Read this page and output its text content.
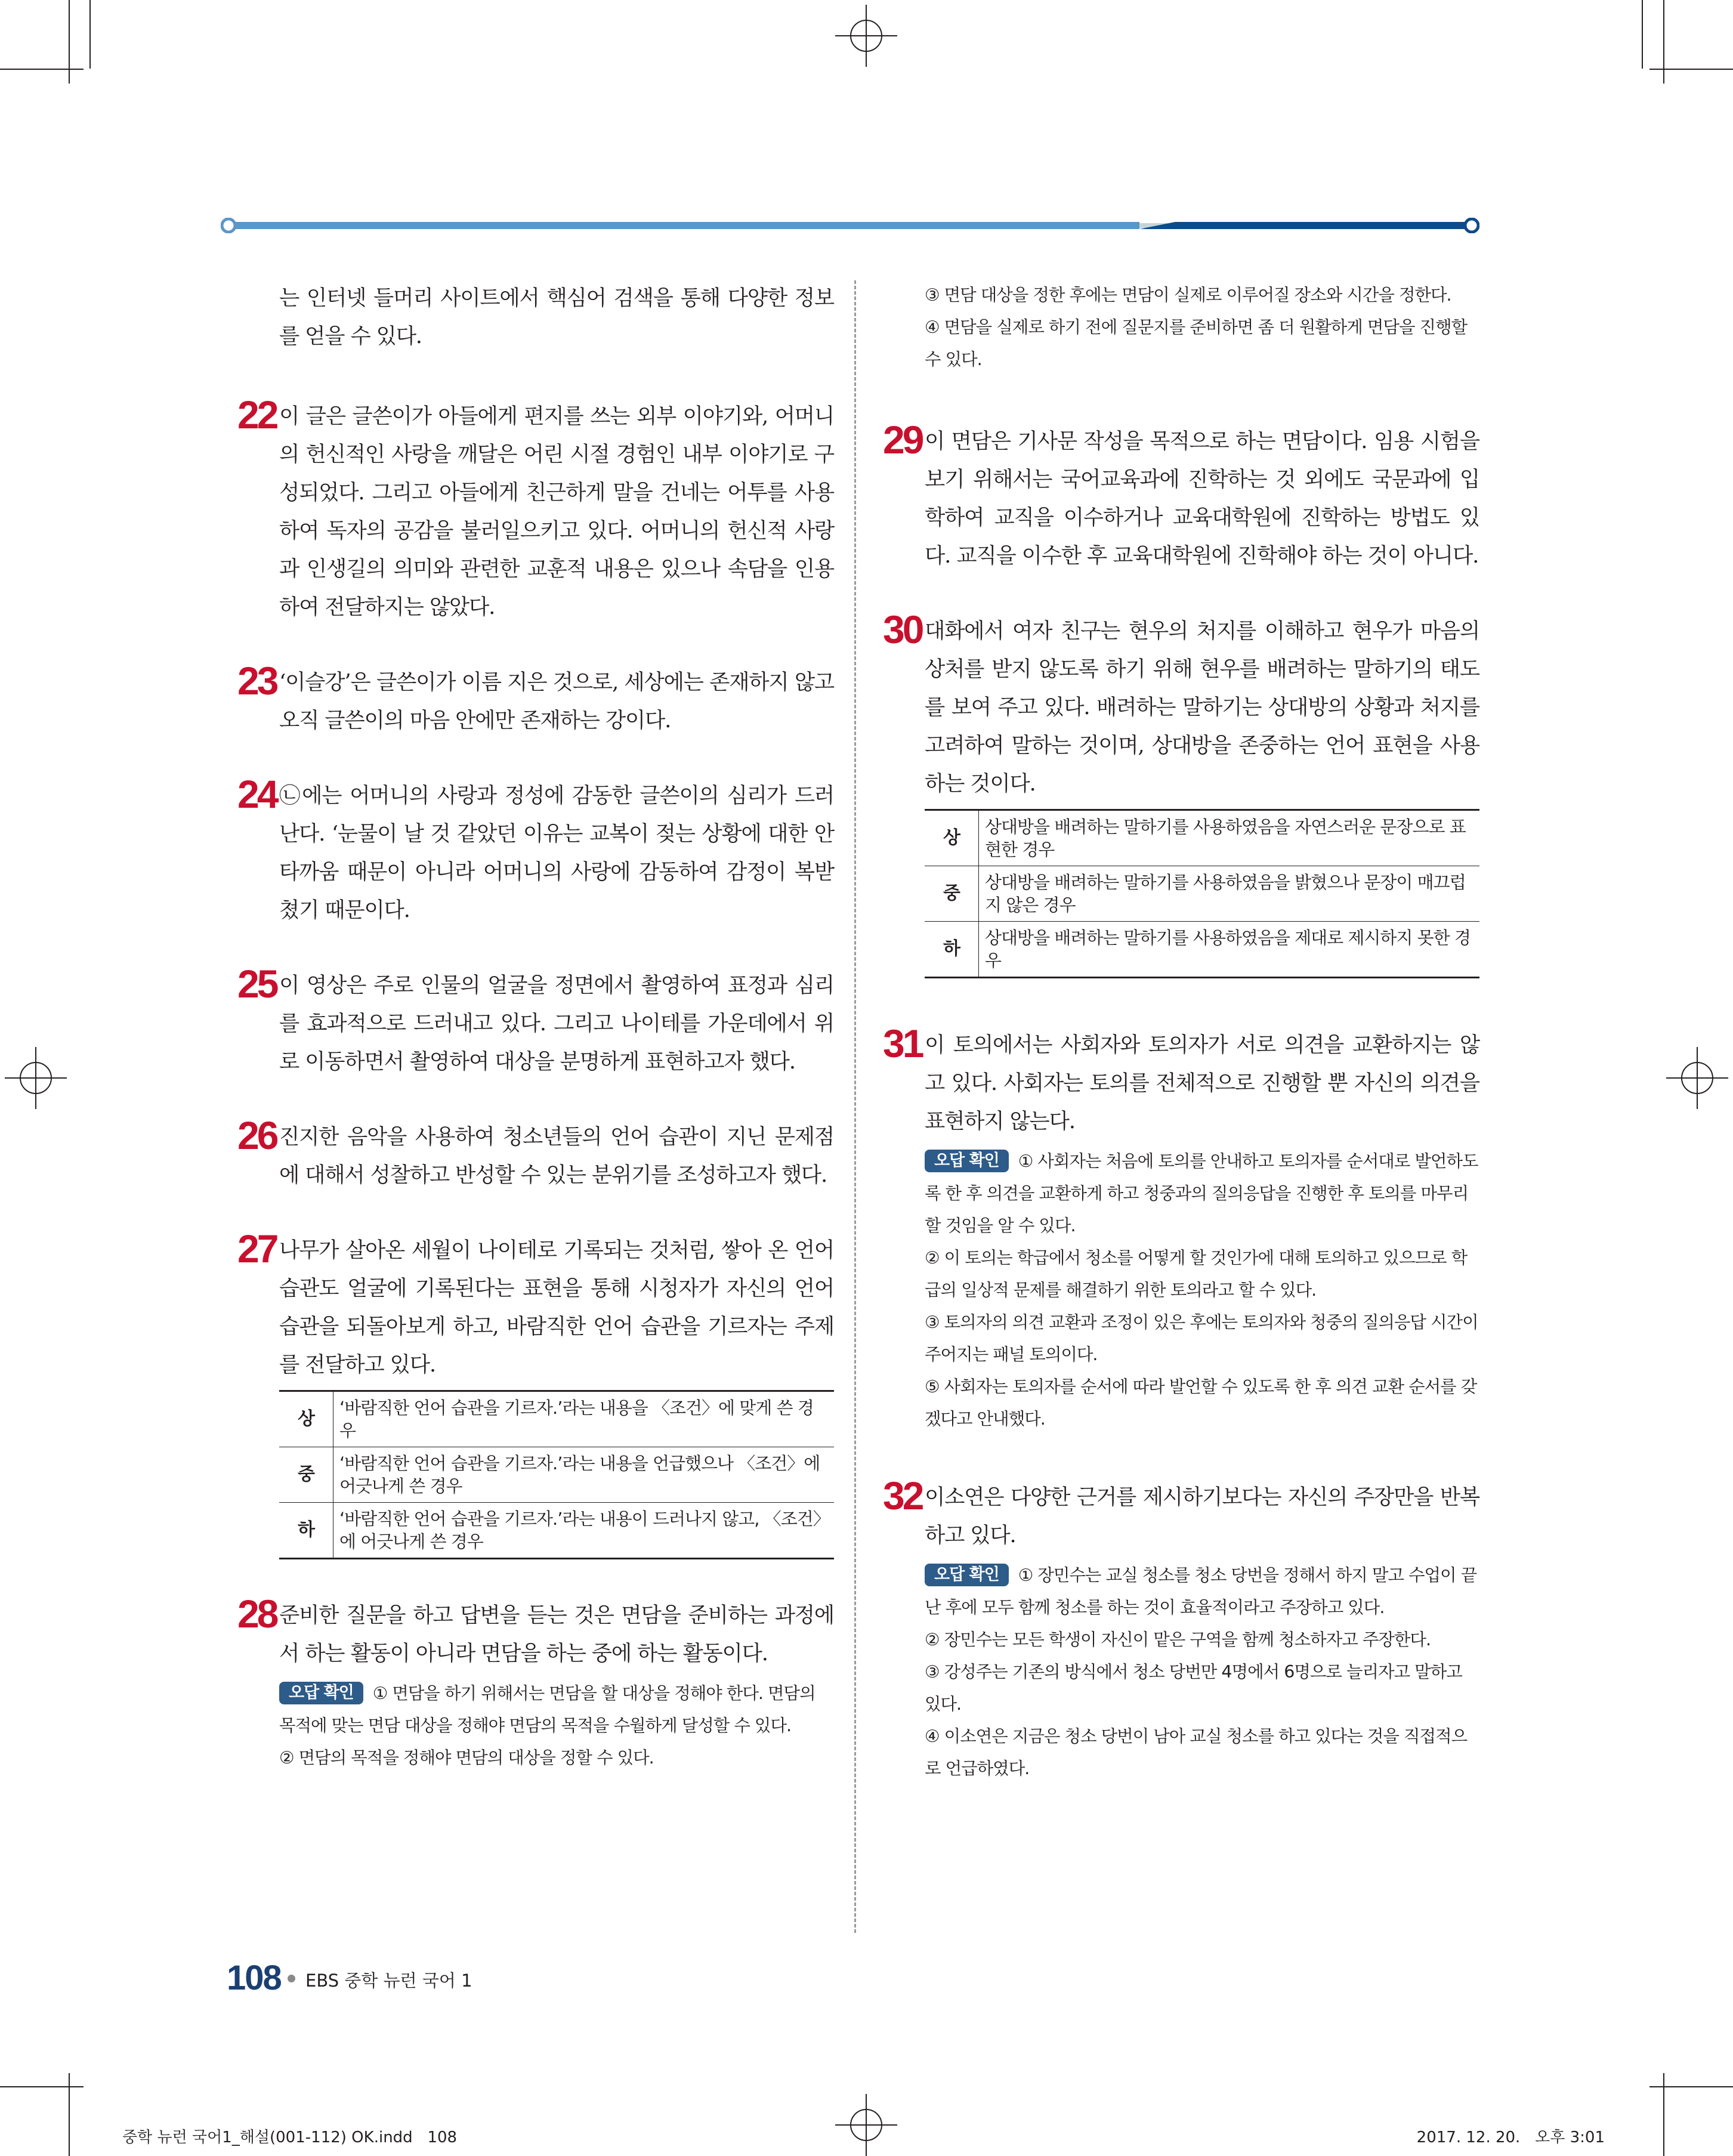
는 인터넷 들머리 사이트에서 핵심어 검색을 통해 다양한 정보를 얻을 수 있다.
22 이 글은 글쓴이가 아들에게 편지를 쓰는 외부 이야기와, 어머니의 헌신적인 사랑을 깨달은 어린 시절 경험인 내부 이야기로 구성되었다. 그리고 아들에게 친근하게 말을 건네는 어투를 사용하여 독자의 공감을 불러일으키고 있다. 어머니의 헌신적 사랑과 인생길의 의미와 관련한 교훈적 내용은 있으나 속담을 인용하여 전달하지는 않았다.
23 ‘이슬강’은 글쓴이가 이름 지은 것으로, 세상에는 존재하지 않고 오직 글쓴이의 마음 안에만 존재하는 강이다.
24 ㉡에는 어머니의 사랑과 정성에 감동한 글쓴이의 심리가 드러난다. ‘눈물이 날 것 같았던 이유는 교복이 젖는 상황에 대한 안타까움 때문이 아니라 어머니의 사랑에 감동하여 감정이 복받쳤기 때문이다.
25 이 영상은 주로 인물의 얼굴을 정면에서 촬영하여 표정과 심리를 효과적으로 드러내고 있다. 그리고 나이테를 가운데에서 위로 이동하면서 촬영하여 대상을 분명하게 표현하고자 했다.
26 진지한 음악을 사용하여 청소년들의 언어 습관이 지닌 문제점에 대해서 성찰하고 반성할 수 있는 분위기를 조성하고자 했다.
27 나무가 살아온 세월이 나이테로 기록되는 것처럼, 쌓아 온 언어 습관도 얼굴에 기록된다는 표현을 통해 시청자가 자신의 언어 습관을 되돌아보게 하고, 바람직한 언어 습관을 기르자는 주제를 전달하고 있다.
상	‘바람직한 언어 습관을 기르자.’라는 내용을 〈조건〉에 맞게 쓴 경우
중	‘바람직한 언어 습관을 기르자.’라는 내용을 언급했으나 〈조건〉에 어긋나게 쓴 경우
하	‘바람직한 언어 습관을 기르자.’라는 내용이 드러나지 않고, 〈조건〉에 어긋나게 쓴 경우
28 준비한 질문을 하고 답변을 듣는 것은 면담을 준비하는 과정에서 하는 활동이 아니라 면담을 하는 중에 하는 활동이다.
오답 확인 ① 면담을 하기 위해서는 면담을 할 대상을 정해야 한다. 면담의 목적에 맞는 면담 대상을 정해야 면담의 목적을 수월하게 달성할 수 있다.
② 면담의 목적을 정해야 면담의 대상을 정할 수 있다.
③ 면담 대상을 정한 후에는 면담이 실제로 이루어질 장소와 시간을 정한다.
④ 면담을 실제로 하기 전에 질문지를 준비하면 좀 더 원활하게 면담을 진행할 수 있다.
29 이 면담은 기사문 작성을 목적으로 하는 면담이다. 임용 시험을 보기 위해서는 국어교육과에 진학하는 것 외에도 국문과에 입학하여 교직을 이수하거나 교육대학원에 진학하는 방법도 있다. 교직을 이수한 후 교육대학원에 진학해야 하는 것이 아니다.
30 대화에서 여자 친구는 현우의 처지를 이해하고 현우가 마음의 상처를 받지 않도록 하기 위해 현우를 배려하는 말하기의 태도를 보여 주고 있다. 배려하는 말하기는 상대방의 상황과 처지를 고려하여 말하는 것이며, 상대방을 존중하는 언어 표현을 사용하는 것이다.
상	상대방을 배려하는 말하기를 사용하였음을 자연스러운 문장으로 표현한 경우
중	상대방을 배려하는 말하기를 사용하였음을 밝혔으나 문장이 매끄럽지 않은 경우
하	상대방을 배려하는 말하기를 사용하였음을 제대로 제시하지 못한 경우
31 이 토의에서는 사회자와 토의자가 서로 의견을 교환하지는 않고 있다. 사회자는 토의를 전체적으로 진행할 뿐 자신의 의견을 표현하지 않는다.
오답 확인 ① 사회자는 처음에 토의를 안내하고 토의자를 순서대로 발언하도록 한 후 의견을 교환하게 하고 청중과의 질의응답을 진행한 후 토의를 마무리할 것임을 알 수 있다.
② 이 토의는 학급에서 청소를 어떻게 할 것인가에 대해 토의하고 있으므로 학급의 일상적 문제를 해결하기 위한 토의라고 할 수 있다.
③ 토의자의 의견 교환과 조정이 있은 후에는 토의자와 청중의 질의응답 시간이 주어지는 패널 토의이다.
⑤ 사회자는 토의자를 순서에 따라 발언할 수 있도록 한 후 의견 교환 순서를 갖겠다고 안내했다.
32 이소연은 다양한 근거를 제시하기보다는 자신의 주장만을 반복하고 있다.
오답 확인 ① 장민수는 교실 청소를 청소 당번을 정해서 하지 말고 수업이 끝난 후에 모두 함께 청소를 하는 것이 효율적이라고 주장하고 있다.
② 장민수는 모든 학생이 자신이 맡은 구역을 함께 청소하자고 주장한다.
③ 강성주는 기존의 방식에서 청소 당번만 4명에서 6명으로 늘리자고 말하고 있다.
④ 이소연은 지금은 청소 당번이 남아 교실 청소를 하고 있다는 것을 직접적으로 언급하였다.
108 EBS 중학 뉴런 국어 1
중학 뉴런 국어1_해설(001-112) OK.indd   108	2017. 12. 20.   오후 3:01
